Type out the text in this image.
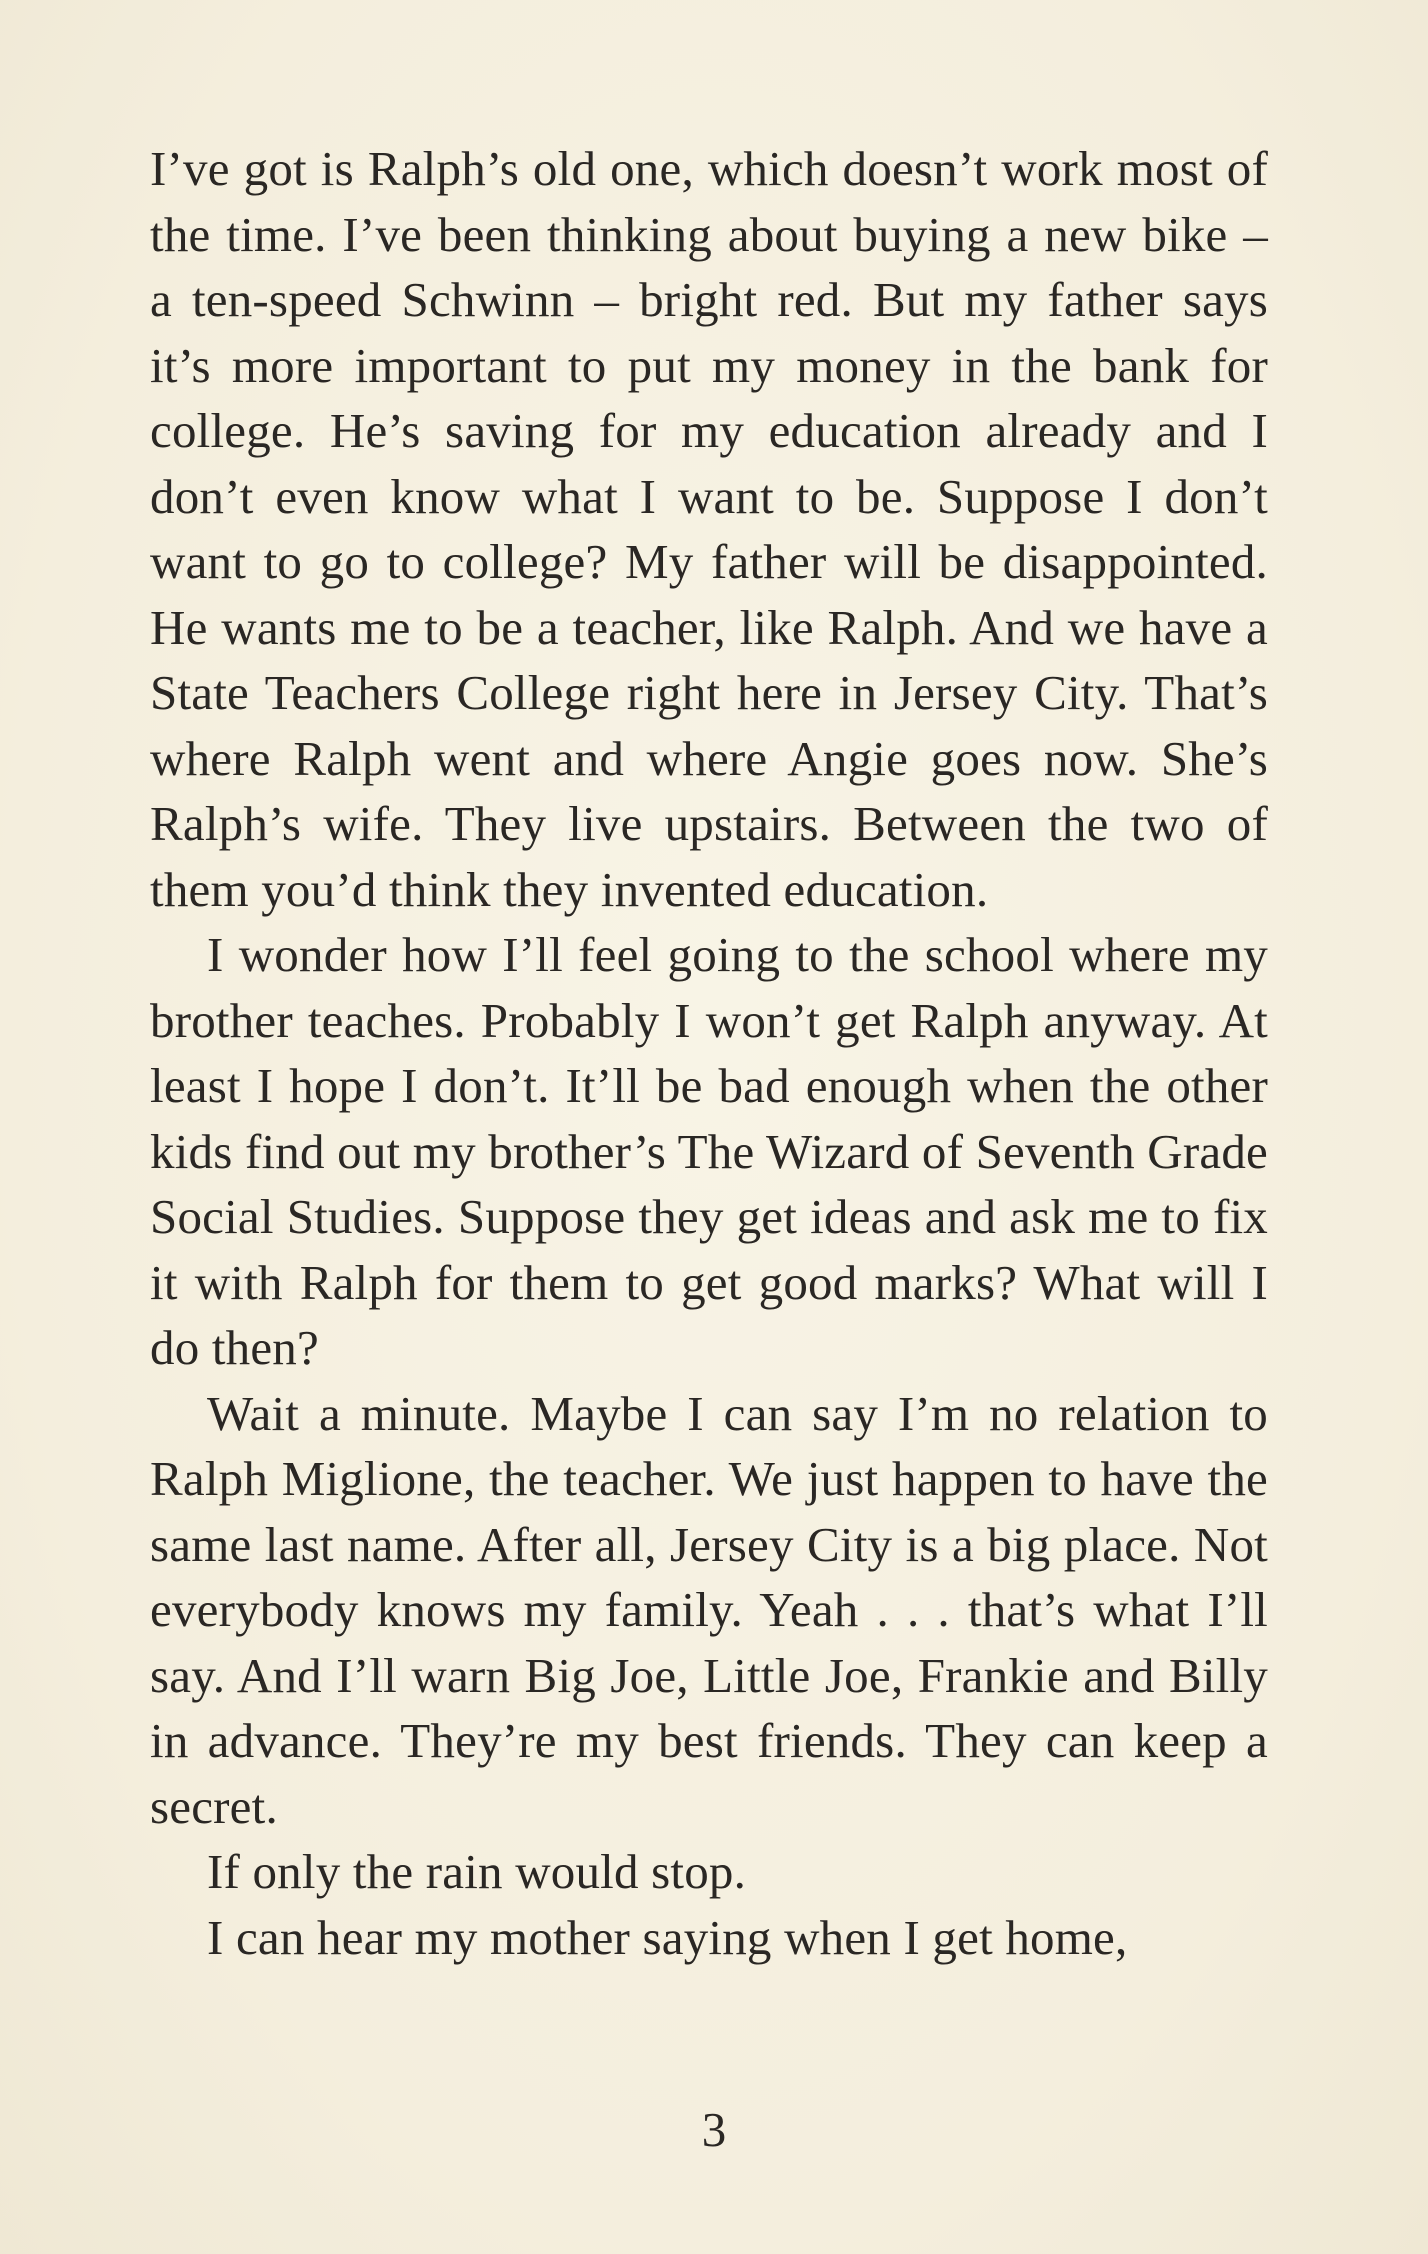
I’ve got is Ralph’s old one, which doesn’t work most of the time. I’ve been thinking about buying a new bike – a ten-speed Schwinn – bright red. But my father says it’s more important to put my money in the bank for college. He’s saving for my education already and I don’t even know what I want to be. Suppose I don’t want to go to college? My father will be disappointed. He wants me to be a teacher, like Ralph. And we have a State Teachers College right here in Jersey City. That’s where Ralph went and where Angie goes now. She’s Ralph’s wife. They live upstairs. Between the two of them you’d think they invented education.

I wonder how I’ll feel going to the school where my brother teaches. Probably I won’t get Ralph anyway. At least I hope I don’t. It’ll be bad enough when the other kids find out my brother’s The Wizard of Seventh Grade Social Studies. Suppose they get ideas and ask me to fix it with Ralph for them to get good marks? What will I do then?

Wait a minute. Maybe I can say I’m no relation to Ralph Miglione, the teacher. We just happen to have the same last name. After all, Jersey City is a big place. Not everybody knows my family. Yeah . . . that’s what I’ll say. And I’ll warn Big Joe, Little Joe, Frankie and Billy in advance. They’re my best friends. They can keep a secret.

If only the rain would stop.

I can hear my mother saying when I get home,

3
